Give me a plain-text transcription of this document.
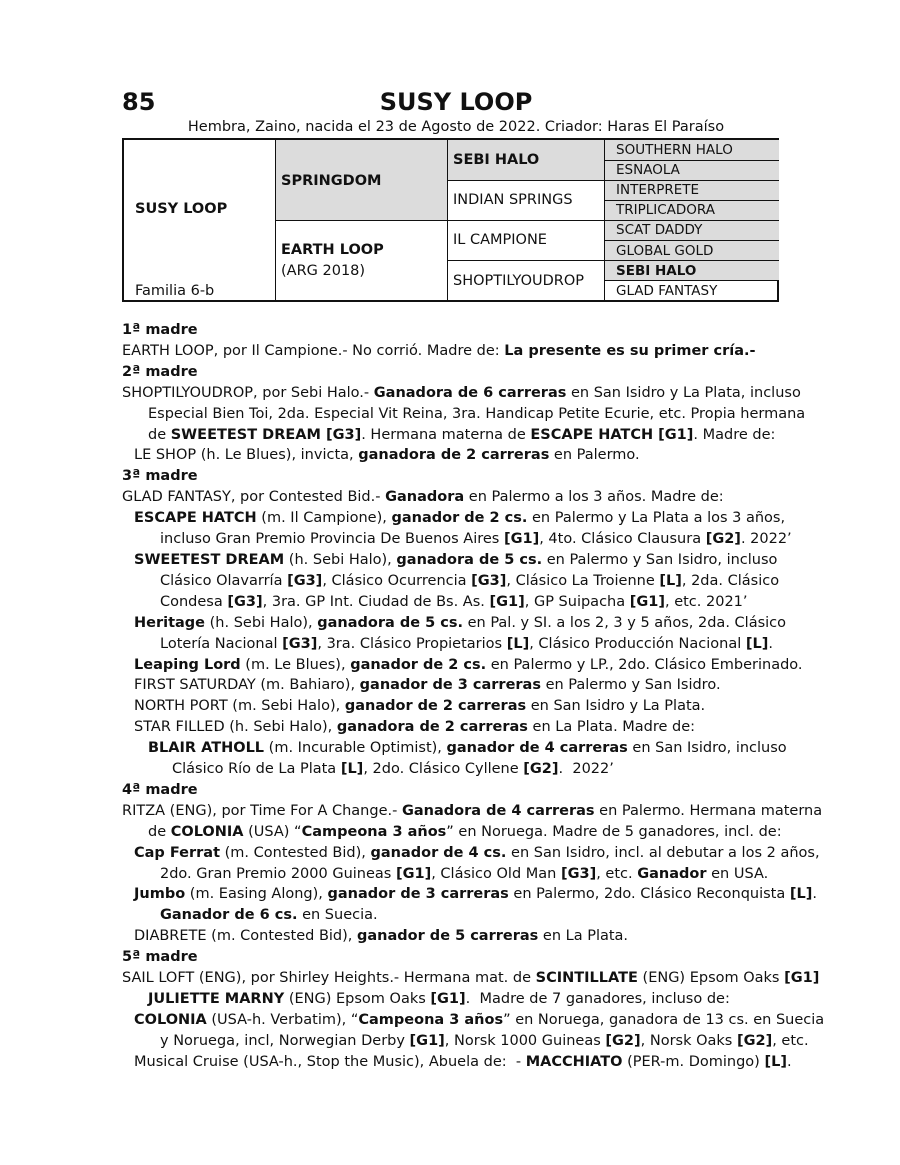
85	SUSY LOOP
Hembra, Zaino, nacida el 23 de Agosto de 2022. Criador: Haras El Paraíso
SUSY LOOP
Familia 6-b
SPRINGDOM
EARTH LOOP
(ARG 2018)
SEBI HALO
INDIAN SPRINGS
IL CAMPIONE
SHOPTILYOUDROP
SOUTHERN HALO
ESNAOLA
INTERPRETE
TRIPLICADORA
SCAT DADDY
GLOBAL GOLD
SEBI HALO
GLAD FANTASY

1ª madre

EARTH LOOP, por Il Campione.- No corrió. Madre de: La presente es su primer cría.-

2ª madre

SHOPTILYOUDROP, por Sebi Halo.- Ganadora de 6 carreras en San Isidro y La Plata, incluso

Especial Bien Toi, 2da. Especial Vit Reina, 3ra. Handicap Petite Ecurie, etc. Propia hermana

de SWEETEST DREAM [G3]. Hermana materna de ESCAPE HATCH [G1]. Madre de:

LE SHOP (h. Le Blues), invicta, ganadora de 2 carreras en Palermo.

3ª madre

GLAD FANTASY, por Contested Bid.- Ganadora en Palermo a los 3 años. Madre de:

ESCAPE HATCH (m. Il Campione), ganador de 2 cs. en Palermo y La Plata a los 3 años,

incluso Gran Premio Provincia De Buenos Aires [G1], 4to. Clásico Clausura [G2]. 2022’

SWEETEST DREAM (h. Sebi Halo), ganadora de 5 cs. en Palermo y San Isidro, incluso

Clásico Olavarría [G3], Clásico Ocurrencia [G3], Clásico La Troienne [L], 2da. Clásico

Condesa [G3], 3ra. GP Int. Ciudad de Bs. As. [G1], GP Suipacha [G1], etc. 2021’

Heritage (h. Sebi Halo), ganadora de 5 cs. en Pal. y SI. a los 2, 3 y 5 años, 2da. Clásico

Lotería Nacional [G3], 3ra. Clásico Propietarios [L], Clásico Producción Nacional [L].

Leaping Lord (m. Le Blues), ganador de 2 cs. en Palermo y LP., 2do. Clásico Emberinado.

FIRST SATURDAY (m. Bahiaro), ganador de 3 carreras en Palermo y San Isidro.

NORTH PORT (m. Sebi Halo), ganador de 2 carreras en San Isidro y La Plata.

STAR FILLED (h. Sebi Halo), ganadora de 2 carreras en La Plata. Madre de:

BLAIR ATHOLL (m. Incurable Optimist), ganador de 4 carreras en San Isidro, incluso

Clásico Río de La Plata [L], 2do. Clásico Cyllene [G2].  2022’

4ª madre

RITZA (ENG), por Time For A Change.- Ganadora de 4 carreras en Palermo. Hermana materna

de COLONIA (USA) “Campeona 3 años” en Noruega. Madre de 5 ganadores, incl. de:

Cap Ferrat (m. Contested Bid), ganador de 4 cs. en San Isidro, incl. al debutar a los 2 años,

2do. Gran Premio 2000 Guineas [G1], Clásico Old Man [G3], etc. Ganador en USA.

Jumbo (m. Easing Along), ganador de 3 carreras en Palermo, 2do. Clásico Reconquista [L].

Ganador de 6 cs. en Suecia.

DIABRETE (m. Contested Bid), ganador de 5 carreras en La Plata.

5ª madre

SAIL LOFT (ENG), por Shirley Heights.- Hermana mat. de SCINTILLATE (ENG) Epsom Oaks [G1]

JULIETTE MARNY (ENG) Epsom Oaks [G1].  Madre de 7 ganadores, incluso de:

COLONIA (USA-h. Verbatim), “Campeona 3 años” en Noruega, ganadora de 13 cs. en Suecia

y Noruega, incl, Norwegian Derby [G1], Norsk 1000 Guineas [G2], Norsk Oaks [G2], etc.

Musical Cruise (USA-h., Stop the Music), Abuela de:  - MACCHIATO (PER-m. Domingo) [L].
